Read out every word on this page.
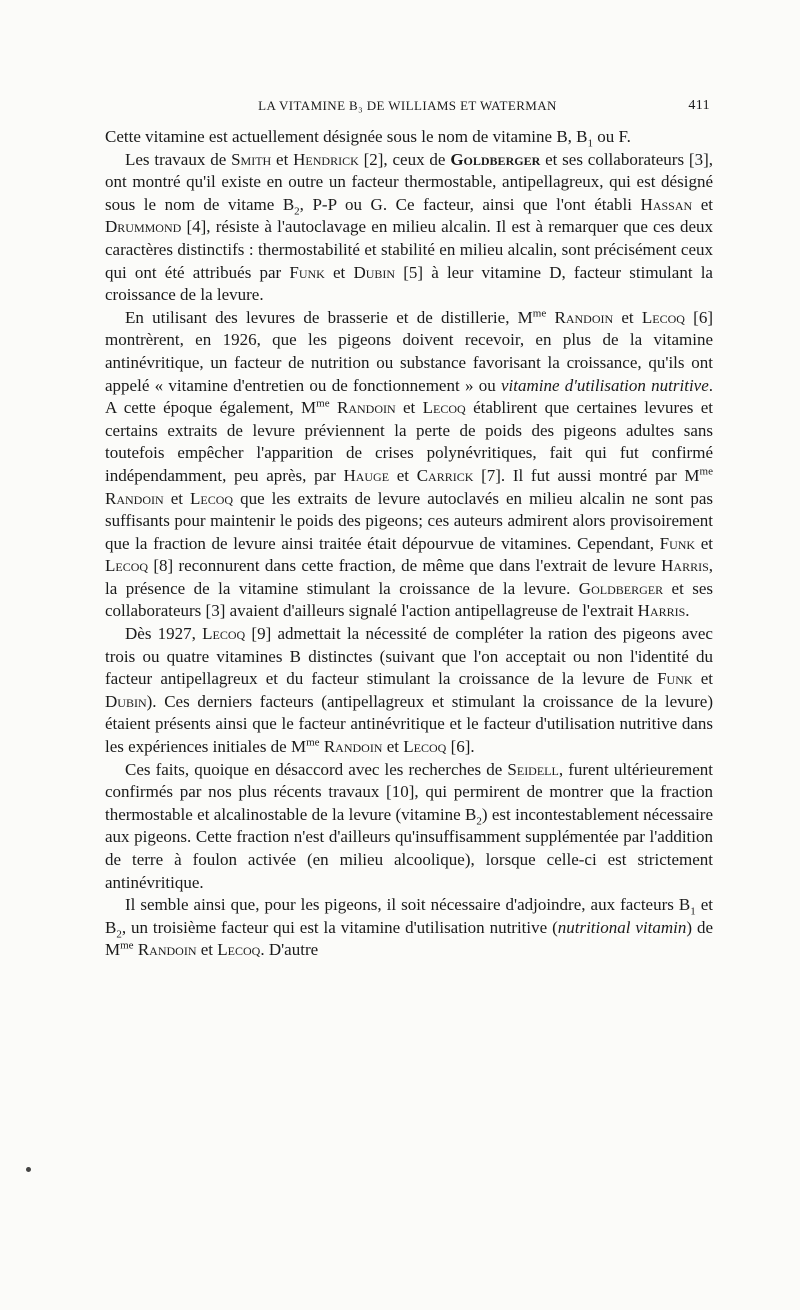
LA VITAMINE B₃ DE WILLIAMS ET WATERMAN	411

Cette vitamine est actuellement désignée sous le nom de vitamine B, $B_1$ ou F.

Les travaux de Smith et Hendrick [2], ceux de Goldberger et ses collaborateurs [3], ont montré qu'il existe en outre un facteur thermostable, antipellagreux, qui est désigné sous le nom de vitame $B_2$, P-P ou G. Ce facteur, ainsi que l'ont établi Hassan et Drummond [4], résiste à l'autoclavage en milieu alcalin. Il est à remarquer que ces deux caractères distinctifs : thermostabilité et stabilité en milieu alcalin, sont précisément ceux qui ont été attribués par Funk et Dubin [5] à leur vitamine D, facteur stimulant la croissance de la levure.

En utilisant des levures de brasserie et de distillerie, $M^{me}$ Randoin et Lecoq [6] montrèrent, en 1926, que les pigeons doivent recevoir, en plus de la vitamine antinévritique, un facteur de nutrition ou substance favorisant la croissance, qu'ils ont appelé « vitamine d'entretien ou de fonctionnement » ou vitamine d'utilisation nutritive. A cette époque également, $M^{me}$ Randoin et Lecoq établirent que certaines levures et certains extraits de levure préviennent la perte de poids des pigeons adultes sans toutefois empêcher l'apparition de crises polynévritiques, fait qui fut confirmé indépendamment, peu après, par Hauge et Carrick [7]. Il fut aussi montré par $M^{me}$ Randoin et Lecoq que les extraits de levure autoclavés en milieu alcalin ne sont pas suffisants pour maintenir le poids des pigeons; ces auteurs admirent alors provisoirement que la fraction de levure ainsi traitée était dépourvue de vitamines. Cependant, Funk et Lecoq [8] reconnurent dans cette fraction, de même que dans l'extrait de levure Harris, la présence de la vitamine stimulant la croissance de la levure. Goldberger et ses collaborateurs [3] avaient d'ailleurs signalé l'action antipellagreuse de l'extrait Harris.

Dès 1927, Lecoq [9] admettait la nécessité de compléter la ration des pigeons avec trois ou quatre vitamines B distinctes (suivant que l'on acceptait ou non l'identité du facteur antipellagreux et du facteur stimulant la croissance de la levure de Funk et Dubin). Ces derniers facteurs (antipellagreux et stimulant la croissance de la levure) étaient présents ainsi que le facteur antinévritique et le facteur d'utilisation nutritive dans les expériences initiales de $M^{me}$ Randoin et Lecoq [6].

Ces faits, quoique en désaccord avec les recherches de Seidell, furent ultérieurement confirmés par nos plus récents travaux [10], qui permirent de montrer que la fraction thermostable et alcalinostable de la levure (vitamine $B_2$) est incontestablement nécessaire aux pigeons. Cette fraction n'est d'ailleurs qu'insuffisamment supplémentée par l'addition de terre à foulon activée (en milieu alcoolique), lorsque celle-ci est strictement antinévritique.

Il semble ainsi que, pour les pigeons, il soit nécessaire d'adjoindre, aux facteurs $B_1$ et $B_2$, un troisième facteur qui est la vitamine d'utilisation nutritive (nutritional vitamin) de $M^{me}$ Randoin et Lecoq. D'autre
